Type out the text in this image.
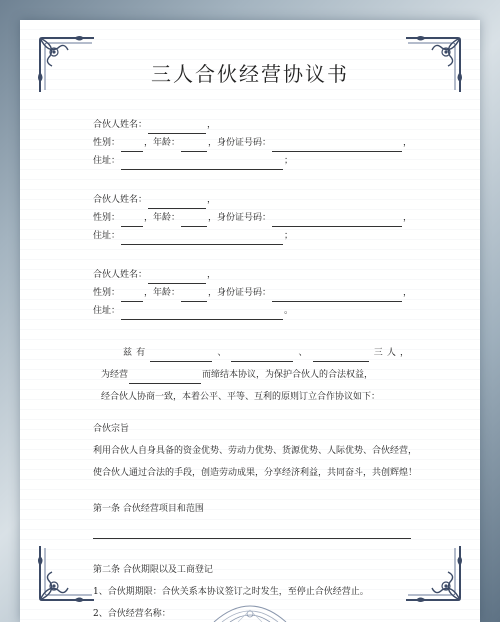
三人合伙经营协议书
合伙人姓名：	，
性别：	，年龄：	，身份证号码：	，
住址：	；
合伙人姓名：	，
性别：	，年龄：	，身份证号码：	，
住址：	；
合伙人姓名：	，
性别：	，年龄：	，身份证号码：	，
住址：	。
兹 有	、	、	三 人 ，
为经营	而缔结本协议，为保护合伙人的合法权益，
经合伙人协商一致，本着公平、平等、互利的原则订立合作协议如下：
合伙宗旨
利用合伙人自身具备的资金优势、劳动力优势、货源优势、人际优势、合伙经营，
使合伙人通过合法的手段，创造劳动成果，分享经济利益，共同奋斗，共创辉煌！
第一条 合伙经营项目和范围
第二条 合伙期限以及工商登记
1、合伙期期限：合伙关系本协议签订之时发生，至停止合伙经营止。
2、合伙经营名称：
